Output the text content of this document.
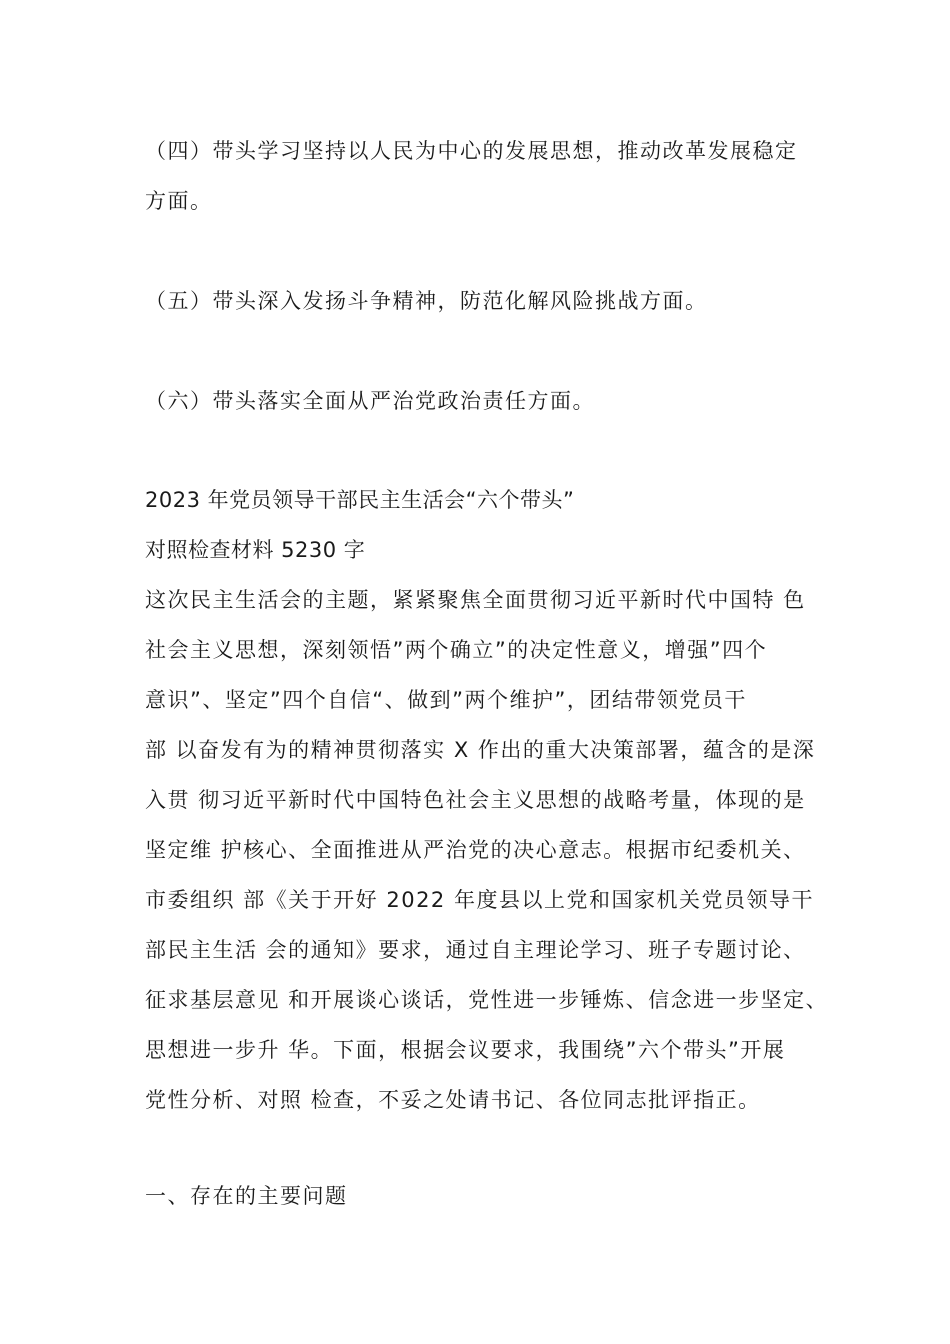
（四）带头学习坚持以人民为中心的发展思想，推动改革发展稳定
方面。
（五）带头深入发扬斗争精神，防范化解风险挑战方面。
（六）带头落实全面从严治党政治责任方面。
2023 年党员领导干部民主生活会“六个带头”
对照检查材料 5230 字
这次民主生活会的主题，紧紧聚焦全面贯彻习近平新时代中国特 色
社会主义思想，深刻领悟”两个确立”的决定性意义，增强”四个
意识”、坚定”四个自信“、做到”两个维护”，团结带领党员干
部 以奋发有为的精神贯彻落实 X 作出的重大决策部署，蕴含的是深
入贯 彻习近平新时代中国特色社会主义思想的战略考量，体现的是
坚定维 护核心、全面推进从严治党的决心意志。根据市纪委机关、
市委组织 部《关于开好 2022 年度县以上党和国家机关党员领导干
部民主生活 会的通知》要求，通过自主理论学习、班子专题讨论、
征求基层意见 和开展谈心谈话，党性进一步锤炼、信念进一步坚定、
思想进一步升 华。下面，根据会议要求，我围绕”六个带头”开展
党性分析、对照 检查，不妥之处请书记、各位同志批评指正。
一、存在的主要问题
